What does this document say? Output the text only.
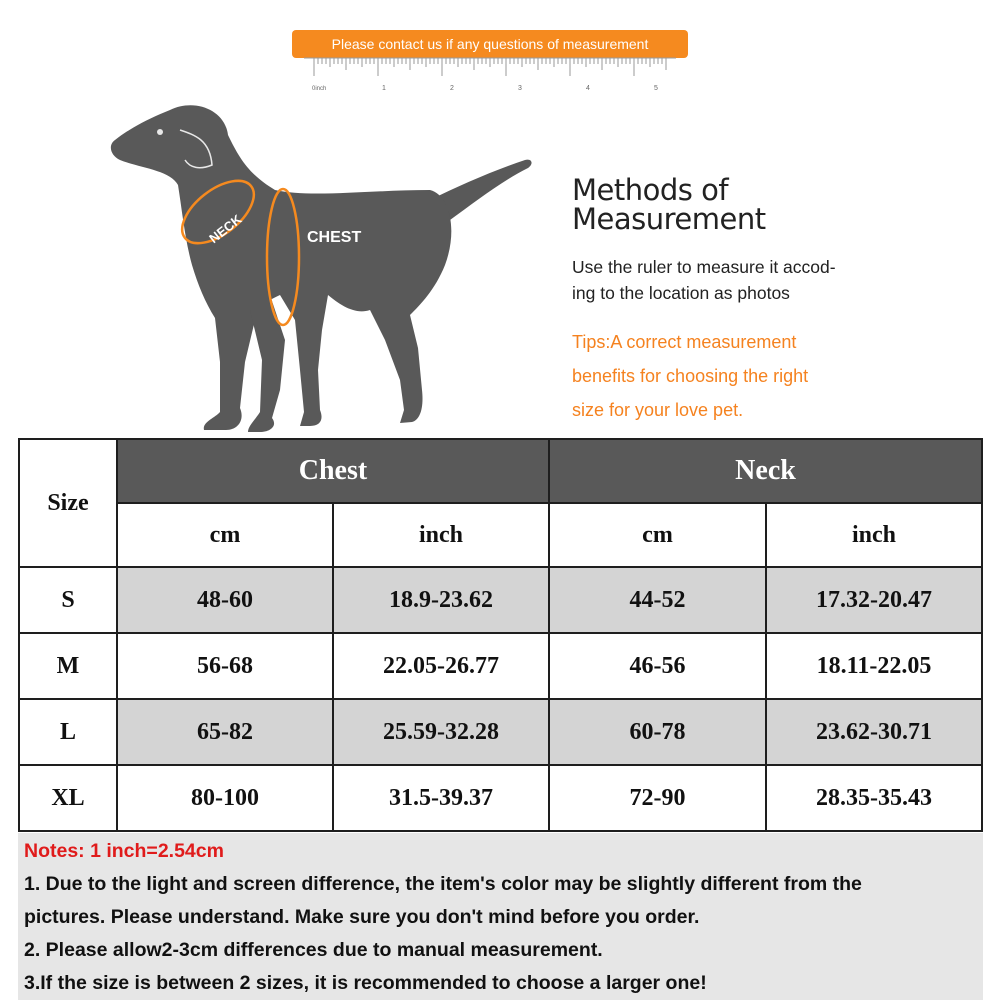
Please contact us if any questions of measurement
0inch	1	2	3	4	5
NECK	CHEST
Methods of
Measurement
Use the ruler to measure it accod-
ing to the location as photos
Tips:A correct measurement
benefits for choosing the right
size for your love pet.
Size	Chest		Neck	
	cm	inch	cm	inch
S	48-60	18.9-23.62	44-52	17.32-20.47
M	56-68	22.05-26.77	46-56	18.11-22.05
L	65-82	25.59-32.28	60-78	23.62-30.71
XL	80-100	31.5-39.37	72-90	28.35-35.43

Notes: 1 inch=2.54cm

1. Due to the light and screen difference, the item's color may be slightly different from the

pictures. Please understand. Make sure you don't mind before you order.

2. Please allow2-3cm differences due to manual measurement.

3.If the size is between 2 sizes, it is recommended to choose a larger one!
